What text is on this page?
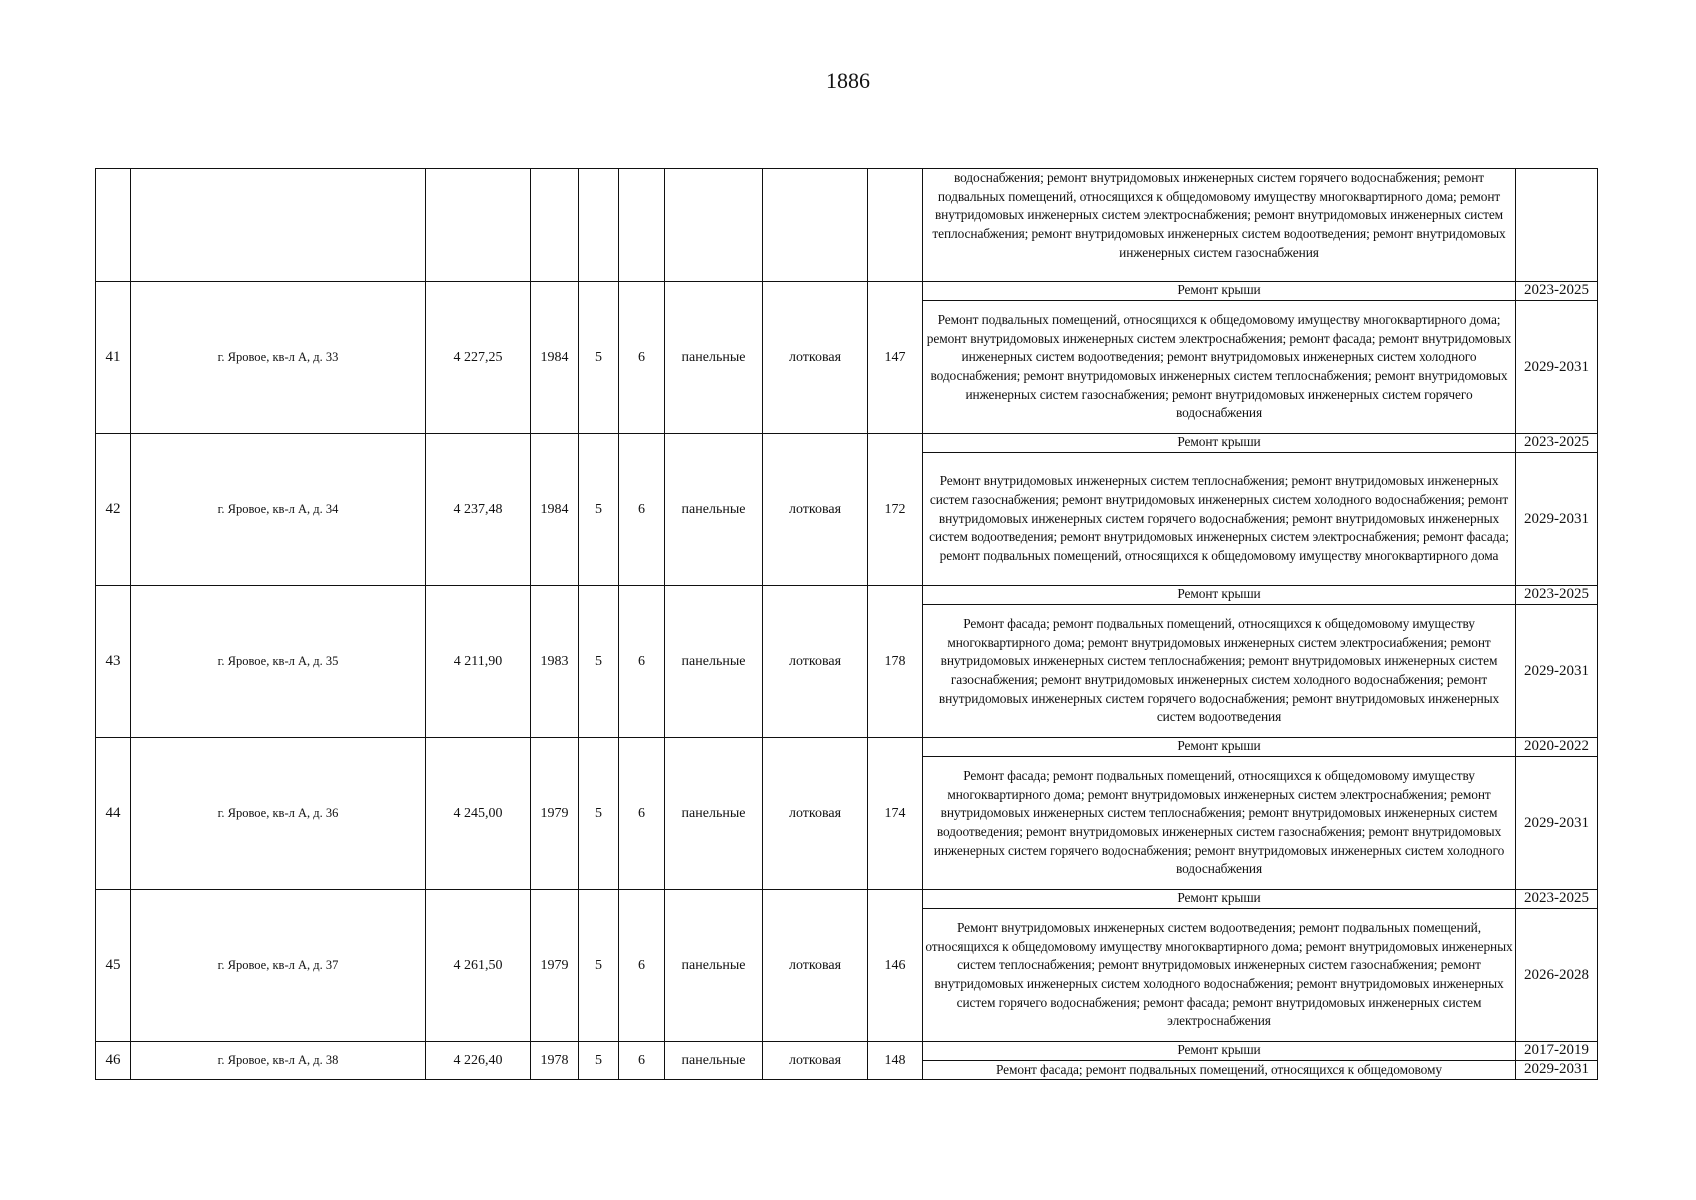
1886
									водоснабжения; ремонт внутридомовых инженерных систем горячего водоснабжения; ремонт подвальных помещений, относящихся к общедомовому имуществу многоквартирного дома; ремонт внутридомовых инженерных систем электроснабжения; ремонт внутридомовых инженерных систем теплоснабжения; ремонт внутридомовых инженерных систем водоотведения; ремонт внутридомовых инженерных систем газоснабжения	
41	г. Яровое, кв-л А, д. 33	4 227,25	1984	5	6	панельные	лотковая	147	Ремонт крыши	2023-2025
									Ремонт подвальных помещений, относящихся к общедомовому имуществу многоквартирного дома; ремонт внутридомовых инженерных систем электроснабжения; ремонт фасада; ремонт внутридомовых инженерных систем водоотведения; ремонт внутридомовых инженерных систем холодного водоснабжения; ремонт внутридомовых инженерных систем теплоснабжения; ремонт внутридомовых инженерных систем газоснабжения; ремонт внутридомовых инженерных систем горячего водоснабжения	2029-2031
42	г. Яровое, кв-л А, д. 34	4 237,48	1984	5	6	панельные	лотковая	172	Ремонт крыши	2023-2025
									Ремонт внутридомовых инженерных систем теплоснабжения; ремонт внутридомовых инженерных систем газоснабжения; ремонт внутридомовых инженерных систем холодного водоснабжения; ремонт внутридомовых инженерных систем горячего водоснабжения; ремонт внутридомовых инженерных систем водоотведения; ремонт внутридомовых инженерных систем электроснабжения; ремонт фасада; ремонт подвальных помещений, относящихся к общедомовому имуществу многоквартирного дома	2029-2031
43	г. Яровое, кв-л А, д. 35	4 211,90	1983	5	6	панельные	лотковая	178	Ремонт крыши	2023-2025
									Ремонт фасада; ремонт подвальных помещений, относящихся к общедомовому имуществу многоквартирного дома; ремонт внутридомовых инженерных систем электросиабжения; ремонт внутридомовых инженерных систем теплоснабжения; ремонт внутридомовых инженерных систем газоснабжения; ремонт внутридомовых инженерных систем холодного водоснабжения; ремонт внутридомовых инженерных систем горячего водоснабжения; ремонт внутридомовых инженерных систем водоотведения	2029-2031
44	г. Яровое, кв-л А, д. 36	4 245,00	1979	5	6	панельные	лотковая	174	Ремонт крыши	2020-2022
									Ремонт фасада; ремонт подвальных помещений, относящихся к общедомовому имуществу многоквартирного дома; ремонт внутридомовых инженерных систем электроснабжения; ремонт внутридомовых инженерных систем теплоснабжения; ремонт внутридомовых инженерных систем водоотведения; ремонт внутридомовых инженерных систем газоснабжения; ремонт внутридомовых инженерных систем горячего водоснабжения; ремонт внутридомовых инженерных систем холодного водоснабжения	2029-2031
45	г. Яровое, кв-л А, д. 37	4 261,50	1979	5	6	панельные	лотковая	146	Ремонт крыши	2023-2025
									Ремонт внутридомовых инженерных систем водоотведения; ремонт подвальных помещений, относящихся к общедомовому имуществу многоквартирного дома; ремонт внутридомовых инженерных систем теплоснабжения; ремонт внутридомовых инженерных систем газоснабжения; ремонт внутридомовых инженерных систем холодного водоснабжения; ремонт внутридомовых инженерных систем горячего водоснабжения; ремонт фасада; ремонт внутридомовых инженерных систем электроснабжения	2026-2028
46	г. Яровое, кв-л А, д. 38	4 226,40	1978	5	6	панельные	лотковая	148	Ремонт крыши	2017-2019
									Ремонт фасада; ремонт подвальных помещений, относящихся к общедомовому	2029-2031
